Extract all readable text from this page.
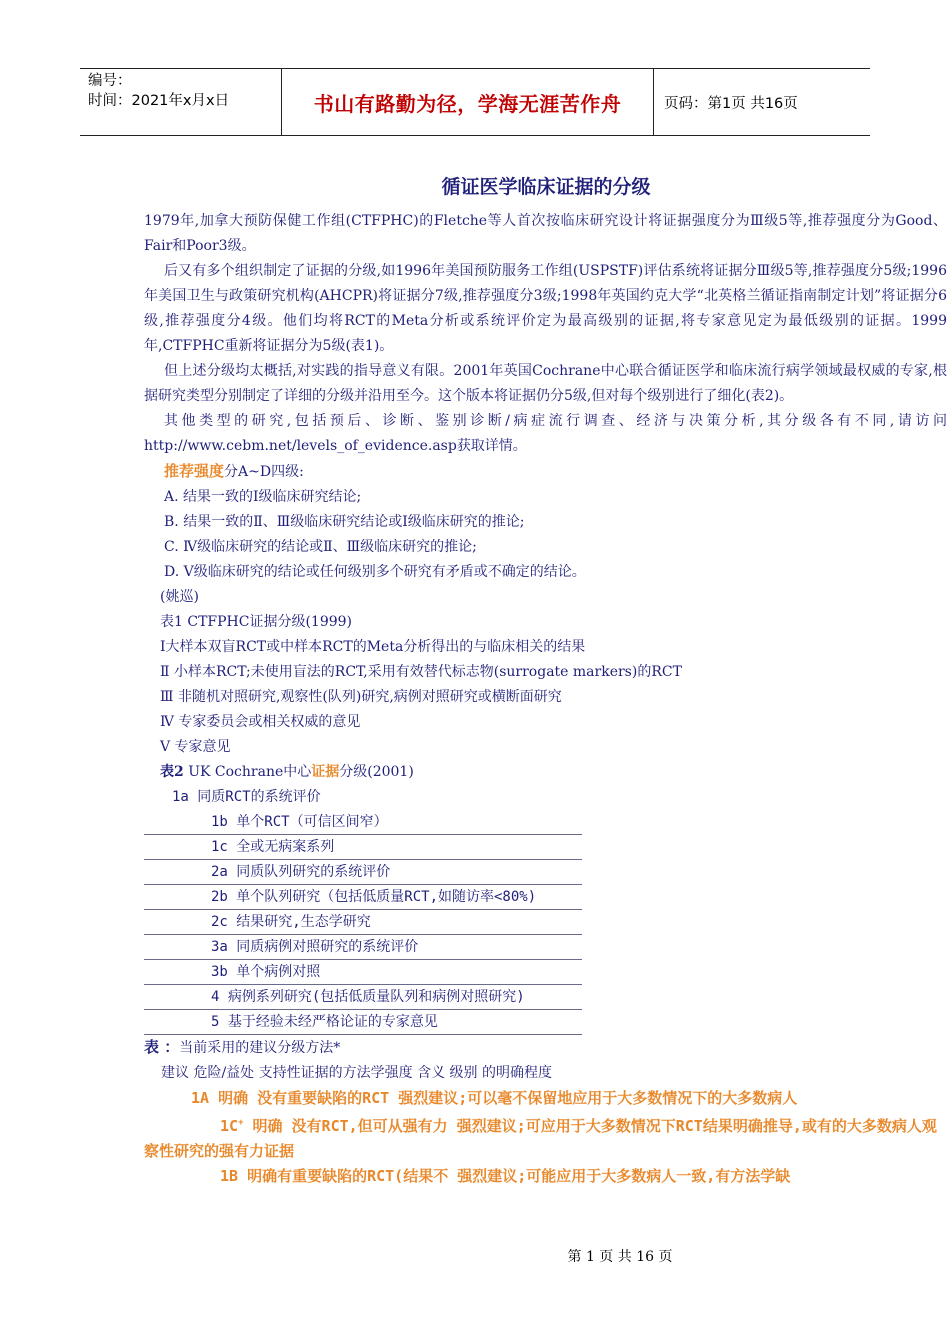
编号：
时间：2021年x月x日	书山有路勤为径，学海无涯苦作舟	页码：第1页 共16页
循证医学临床证据的分级

1979年,加拿大预防保健工作组(CTFPHC)的Fletche等人首次按临床研究设计将证据强度分为Ⅲ级5等,推荐强度分为Good、Fair和Poor3级。

后又有多个组织制定了证据的分级,如1996年美国预防服务工作组(USPSTF)评估系统将证据分Ⅲ级5等,推荐强度分5级;1996年美国卫生与政策研究机构(AHCPR)将证据分7级,推荐强度分3级;1998年英国约克大学“北英格兰循证指南制定计划”将证据分6级,推荐强度分4级。他们均将RCT的Meta分析或系统评价定为最高级别的证据,将专家意见定为最低级别的证据。1999年,CTFPHC重新将证据分为5级(表1)。

但上述分级均太概括,对实践的指导意义有限。2001年英国Cochrane中心联合循证医学和临床流行病学领域最权威的专家,根据研究类型分别制定了详细的分级并沿用至今。这个版本将证据仍分5级,但对每个级别进行了细化(表2)。

其他类型的研究,包括预后、诊断、鉴别诊断/病症流行调查、经济与决策分析,其分级各有不同,请访问http://www.cebm.net/levels_of_evidence.asp获取详情。

推荐强度分A~D四级:

A. 结果一致的Ⅰ级临床研究结论;

B. 结果一致的Ⅱ、Ⅲ级临床研究结论或Ⅰ级临床研究的推论;

C. Ⅳ级临床研究的结论或Ⅱ、Ⅲ级临床研究的推论;

D. Ⅴ级临床研究的结论或任何级别多个研究有矛盾或不确定的结论。

(姚巡)

表1 CTFPHC证据分级(1999)

Ⅰ大样本双盲RCT或中样本RCT的Meta分析得出的与临床相关的结果

Ⅱ 小样本RCT;未使用盲法的RCT,采用有效替代标志物(surrogate markers)的RCT

Ⅲ 非随机对照研究,观察性(队列)研究,病例对照研究或横断面研究

Ⅳ 专家委员会或相关权威的意见

Ⅴ 专家意见

表2 UK Cochrane中心证据分级(2001)

1a 同质RCT的系统评价

1b 单个RCT（可信区间窄）

1c 全或无病案系列

2a 同质队列研究的系统评价

2b 单个队列研究（包括低质量RCT,如随访率<80%)

2c 结果研究,生态学研究

3a 同质病例对照研究的系统评价

3b 单个病例对照

4 病例系列研究(包括低质量队列和病例对照研究)

5 基于经验未经严格论证的专家意见

表 ：当前采用的建议分级方法*

建议 危险/益处 支持性证据的方法学强度 含义 级别 的明确程度

1A 明确 没有重要缺陷的RCT 强烈建议;可以毫不保留地应用于大多数情况下的大多数病人

1C+ 明确 没有RCT,但可从强有力 强烈建议;可应用于大多数情况下RCT结果明确推导,或有的大多数病人观察性研究的强有力证据

1B 明确有重要缺陷的RCT(结果不 强烈建议;可能应用于大多数病人一致,有方法学缺

第 1 页 共 16 页
